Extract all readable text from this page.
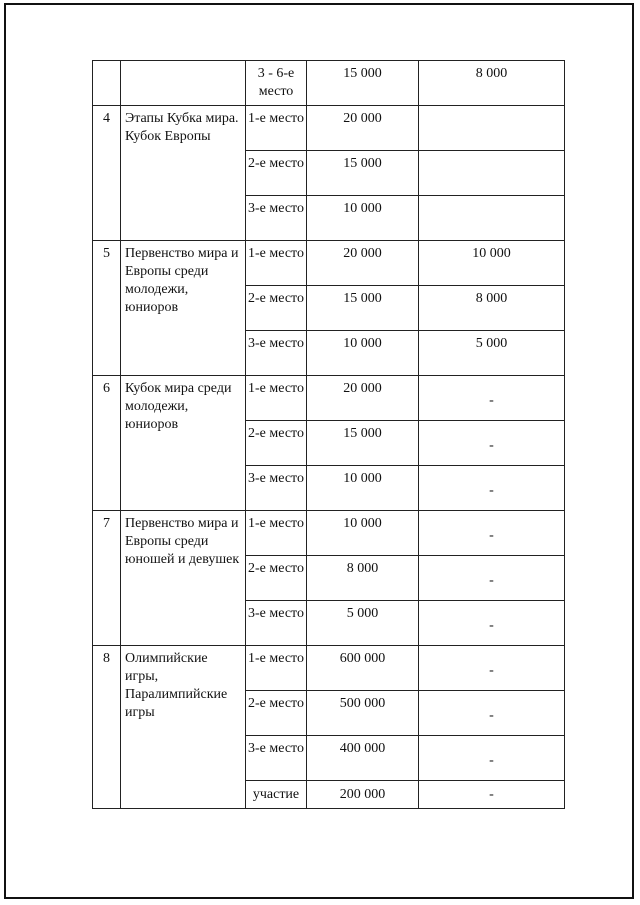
		3 - 6-е место	15 000	8 000
4	Этапы Кубка мира. Кубок Европы	1-е место	20 000	
		2-е место	15 000	
		3-е место	10 000	
5	Первенство мира и Европы среди молодежи, юниоров	1-е место	20 000	10 000
		2-е место	15 000	8 000
		3-е место	10 000	5 000
6	Кубок мира среди молодежи, юниоров	1-е место	20 000	-
		2-е место	15 000	-
		3-е место	10 000	-
7	Первенство мира и Европы среди юношей и девушек	1-е место	10 000	-
		2-е место	8 000	-
		3-е место	5 000	-
8	Олимпийские игры, Паралимпийские игры	1-е место	600 000	-
		2-е место	500 000	-
		3-е место	400 000	-
		участие	200 000	-
